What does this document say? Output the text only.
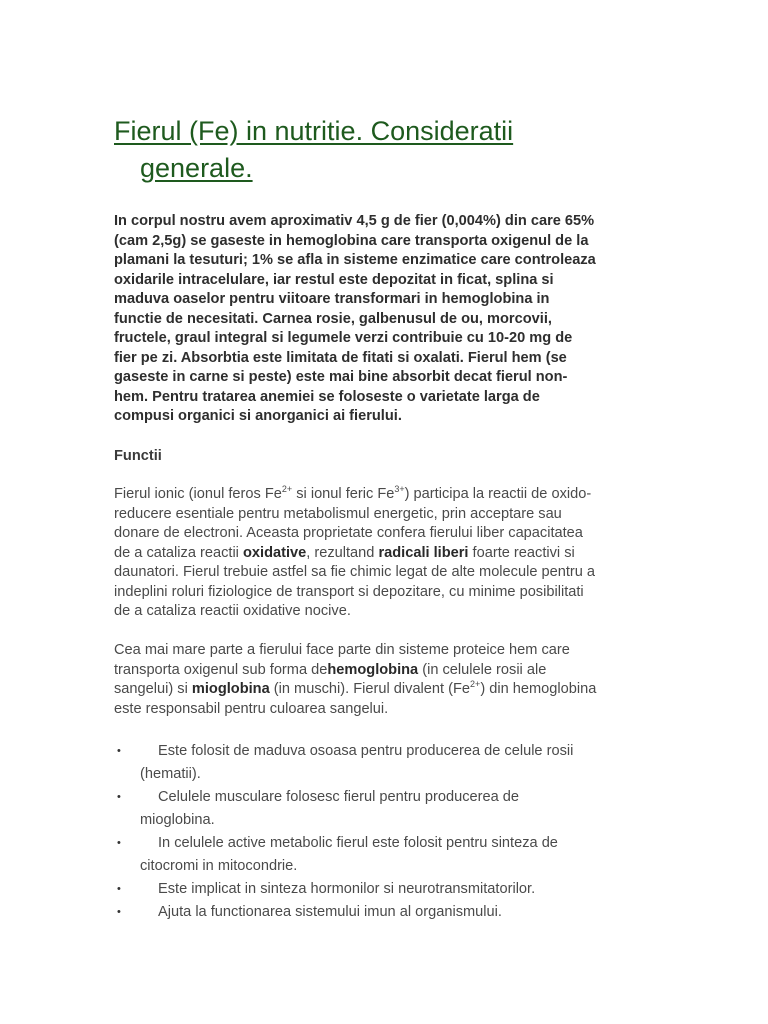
Fierul (Fe) in nutritie. Consideratii
generale.

In corpul nostru avem aproximativ 4,5 g de fier (0,004%) din care 65%
(cam 2,5g) se gaseste in hemoglobina care transporta oxigenul de la
plamani la tesuturi; 1% se afla in sisteme enzimatice care controleaza
oxidarile intracelulare, iar restul este depozitat in ficat, splina si
maduva oaselor pentru viitoare transformari in hemoglobina in
functie de necesitati. Carnea rosie, galbenusul de ou, morcovii,
fructele, graul integral si legumele verzi contribuie cu 10-20 mg de
fier pe zi. Absorbtia este limitata de fitati si oxalati. Fierul hem (se
gaseste in carne si peste) este mai bine absorbit decat fierul non-
hem. Pentru tratarea anemiei se foloseste o varietate larga de
compusi organici si anorganici ai fierului.

Functii

Fierul ionic (ionul feros $Fe^{2+}$ si ionul feric $Fe^{3+}$) participa la reactii de oxido-
reducere esentiale pentru metabolismul energetic, prin acceptare sau
donare de electroni. Aceasta proprietate confera fierului liber capacitatea
de a cataliza reactii oxidative, rezultand radicali liberi foarte reactivi si
daunatori. Fierul trebuie astfel sa fie chimic legat de alte molecule pentru a
indeplini roluri fiziologice de transport si depozitare, cu minime posibilitati
de a cataliza reactii oxidative nocive.

Cea mai mare parte a fierului face parte din sisteme proteice hem care
transporta oxigenul sub forma dehemoglobina (in celulele rosii ale
sangelui) si mioglobina (in muschi). Fierul divalent $(Fe^{2+})$ din hemoglobina
este responsabil pentru culoarea sangelui.

•	Este folosit de maduva osoasa pentru producerea de celule rosii
(hematii).
•	Celulele musculare folosesc fierul pentru producerea de
mioglobina.
•	In celulele active metabolic fierul este folosit pentru sinteza de
citocromi in mitocondrie.
•	Este implicat in sinteza hormonilor si neurotransmitatorilor.
•	Ajuta la functionarea sistemului imun al organismului.
